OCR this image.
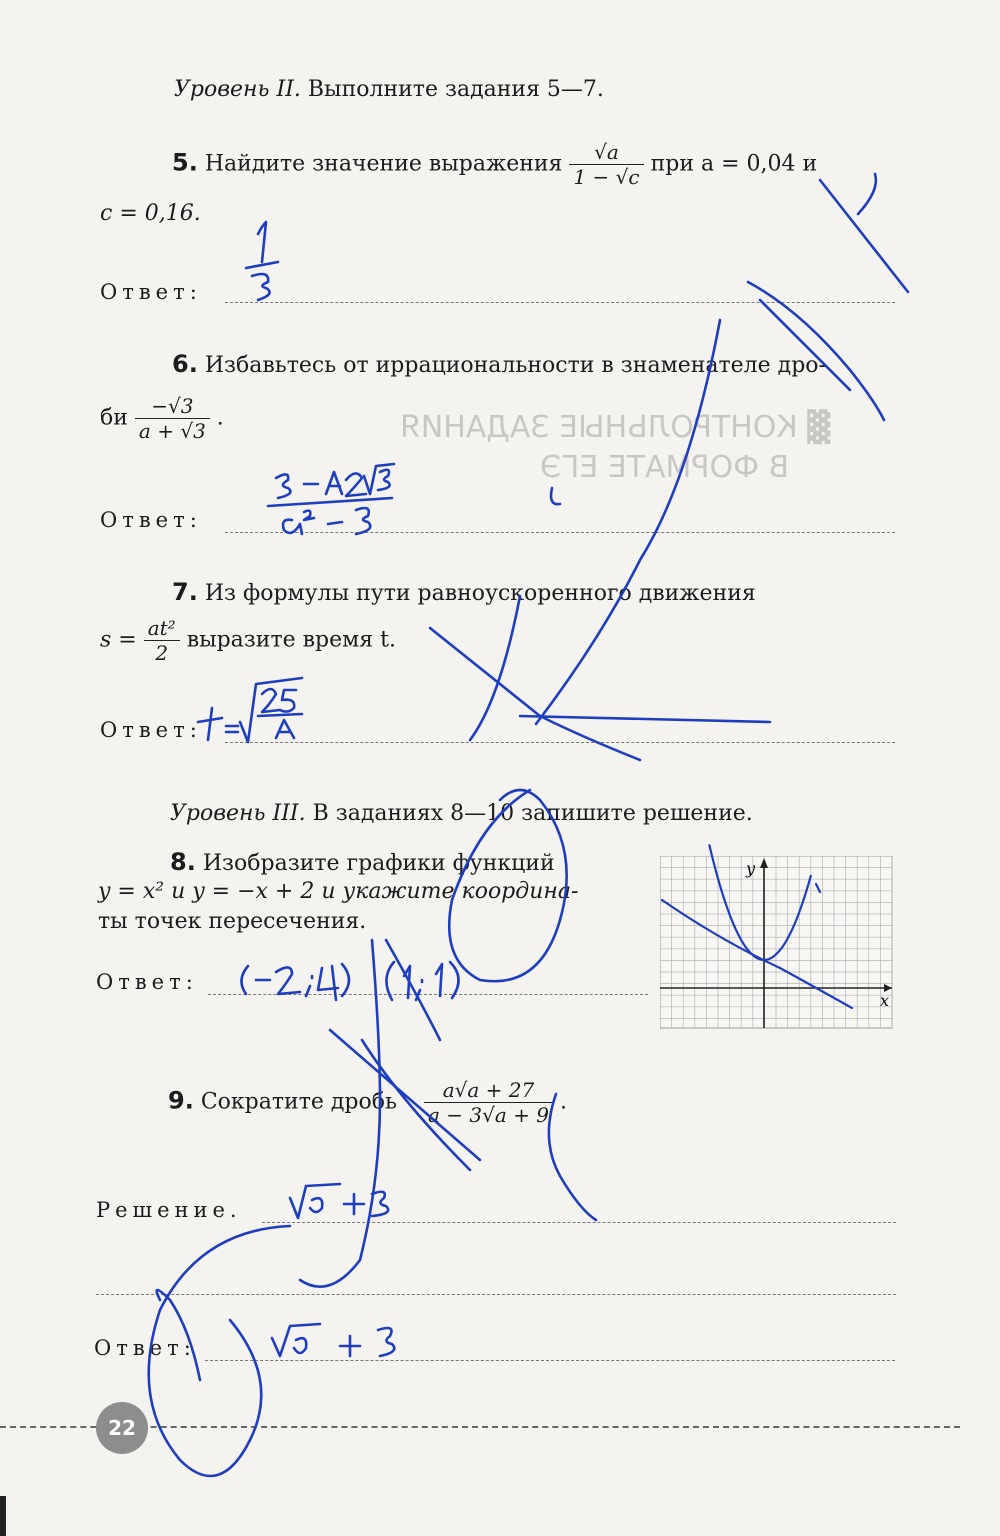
▓ КОНТРОЛЬНЫЕ ЗАДАНИЯ
В ФОРМАТЕ ЕГЭ
Уровень II. Выполните задания 5—7.
5. Найдите значение выражения $\frac{√a}{1 - √c}$ при a = 0,04 и
c = 0,16.
Ответ:
6. Избавьтесь от иррациональности в знаменателе дро-
би $\frac{-√3}{a + √3}$ .
Ответ:
7. Из формулы пути равноускоренного движения
$s = \frac{\text{at²}}{2}$ выразите время t.
Ответ:
Уровень III. В заданиях 8—10 запишите решение.
8. Изобразите графики функций
y = x² и y = −x + 2 и укажите координа-
ты точек пересечения.
Ответ:
x
y
9. Сократите дробь $\frac{a√a + 27}{a - 3√a + 9}$ .
Решение.
Ответ:
22
